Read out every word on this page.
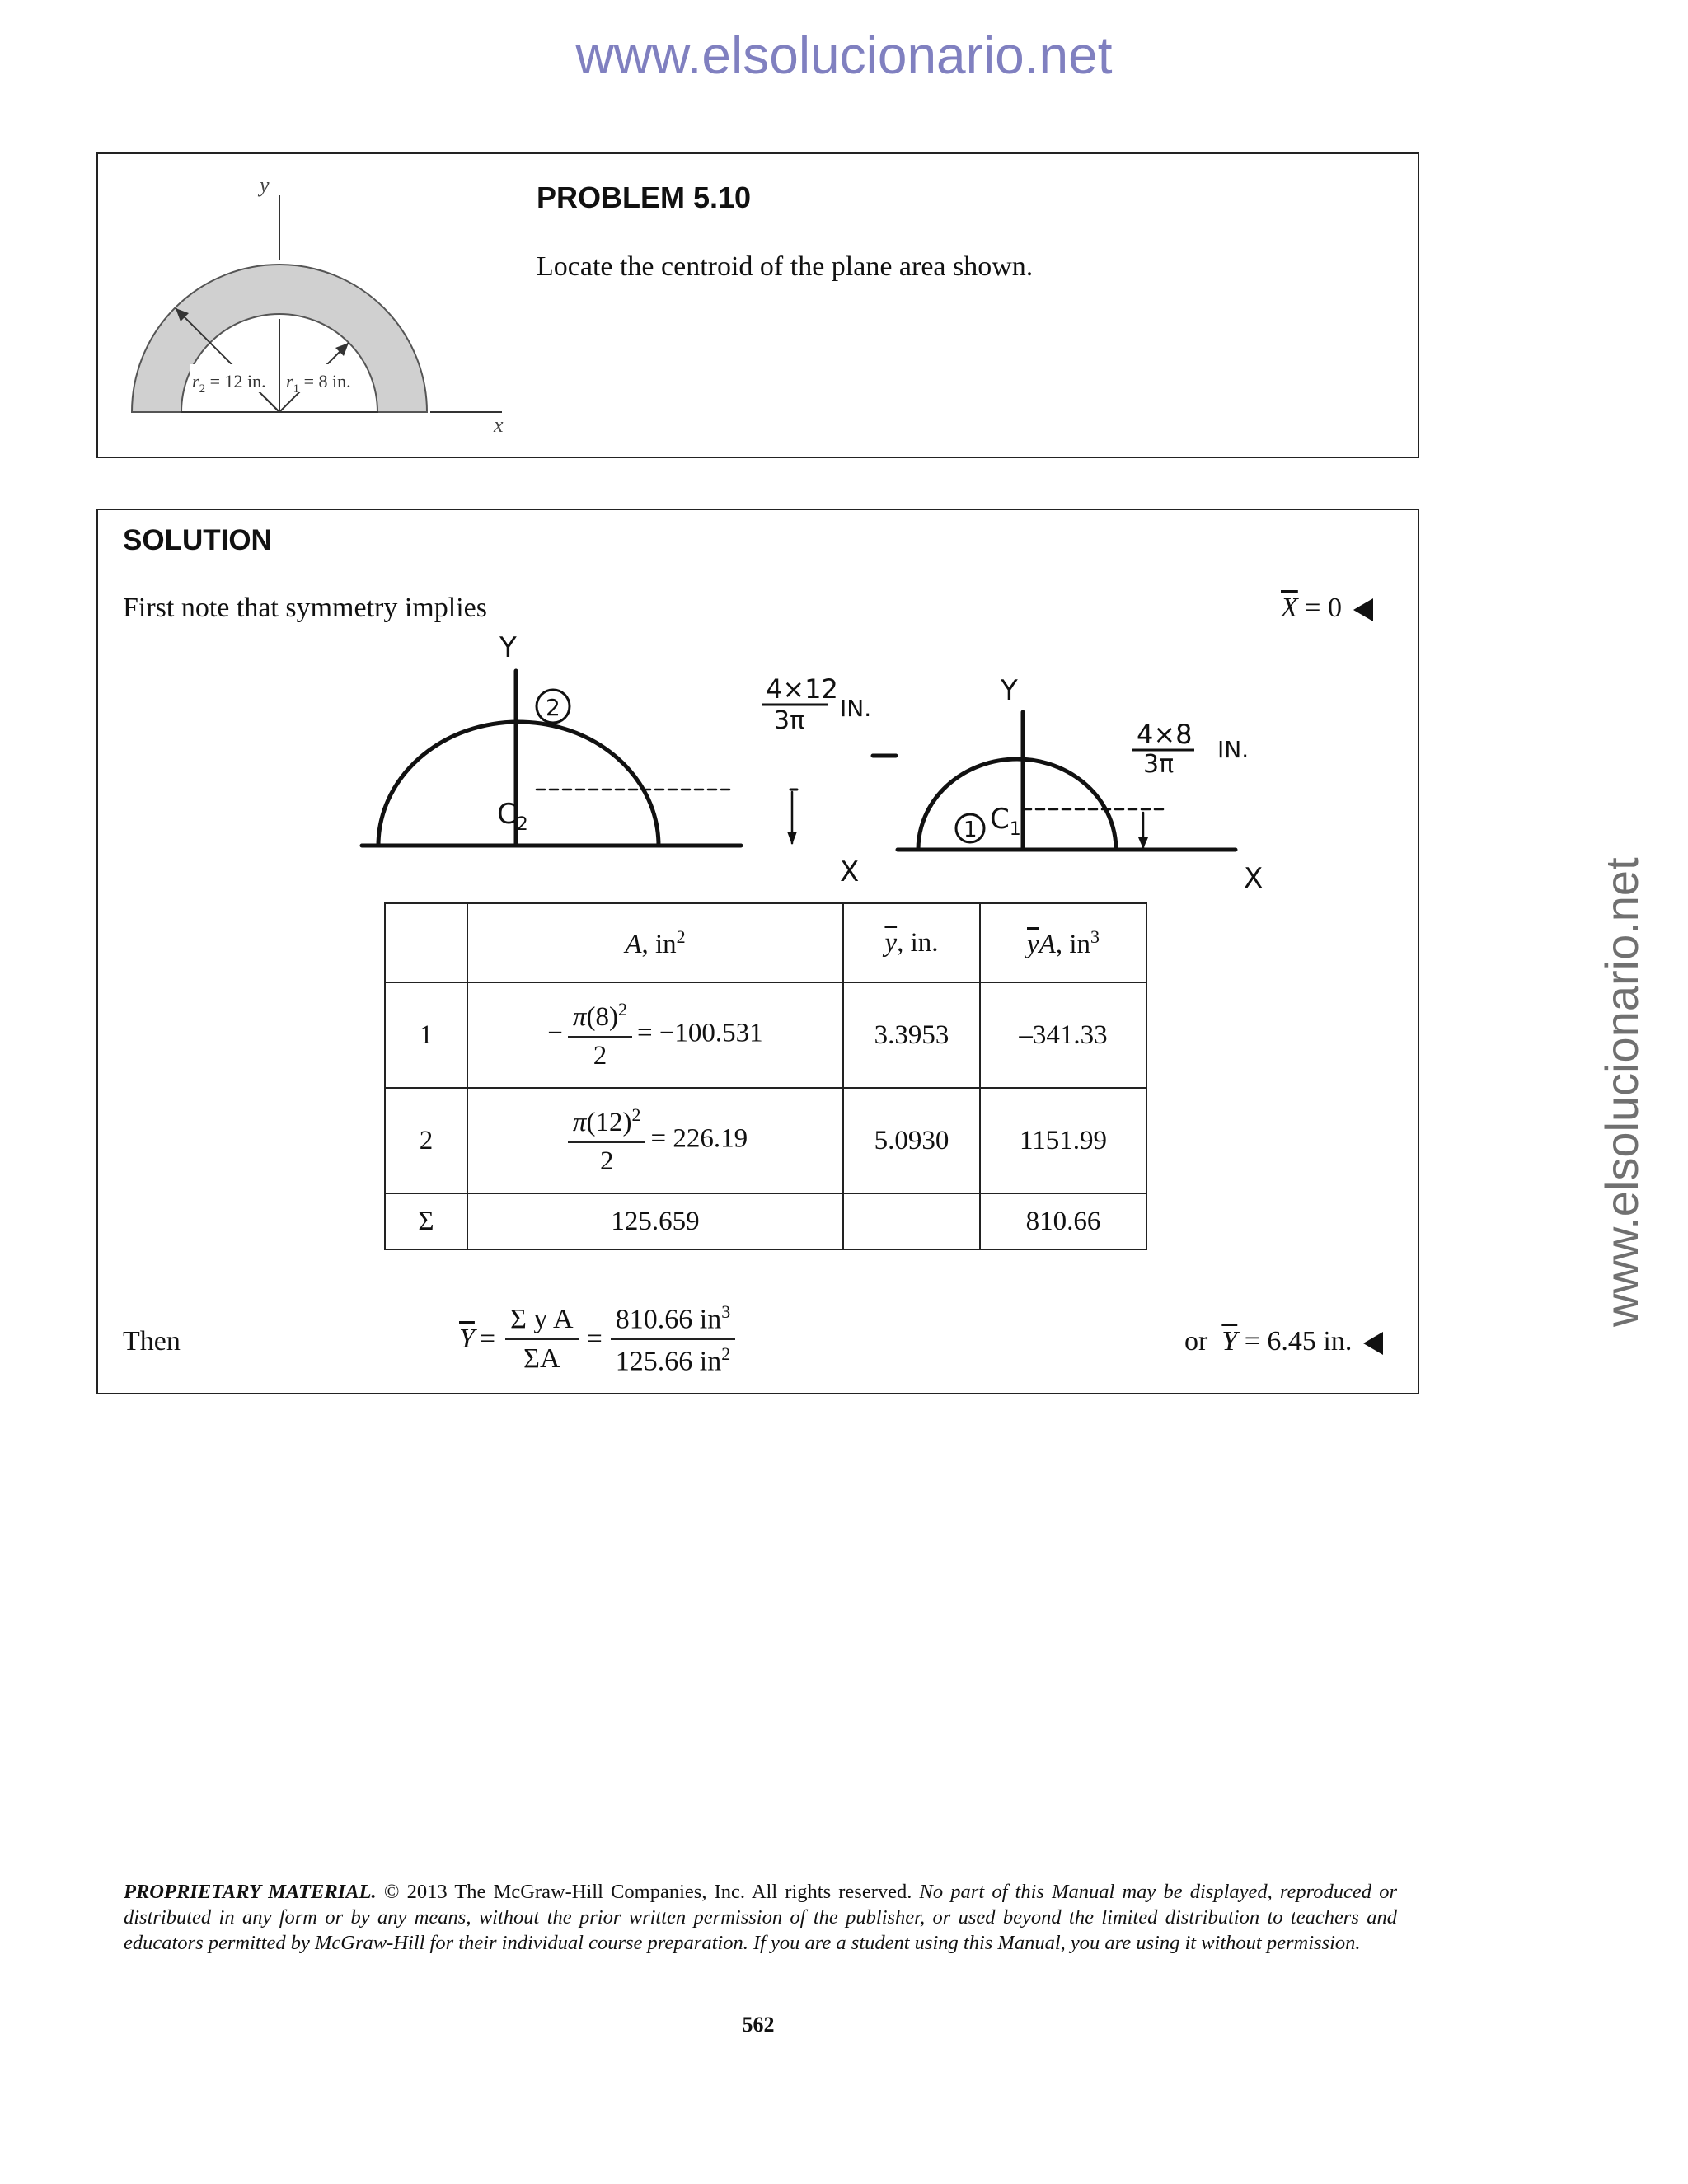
www.elsolucionario.net
www.elsolucionario.net
y
x
$r_2 = 12$ in. $r_1 = 8$ in.
PROBLEM 5.10
Locate the centroid of the plane area shown.
SOLUTION
First note that symmetry implies	$\overline{X} = 0$
Y
2
$C_2$
4×12
3π IN.
X
Y
1 $C_1$
4×8
3π
IN.
X
	A, $in^2$	$\overline{y}$, in.	$\overline{y}A$, $in^3$
1	− $\frac{\pi(8)^2}{2} = -100.531$	3.3953	–341.33
2	$\frac{\pi(12)^2}{2} = 226.19$	5.0930	1151.99
Σ	125.659		810.66
Then	$\overline{Y} = \frac{\text{Σ y A}}{\Sigma A} = \frac{810.66 in^3}{125.66 in^2}$	or $\overline{Y} = 6.45$ in.
PROPRIETARY MATERIAL. © 2013 The McGraw-Hill Companies, Inc. All rights reserved. No part of this Manual may be displayed, reproduced or distributed in any form or by any means, without the prior written permission of the publisher, or used beyond the limited distribution to teachers and educators permitted by McGraw-Hill for their individual course preparation. If you are a student using this Manual, you are using it without permission.
562
